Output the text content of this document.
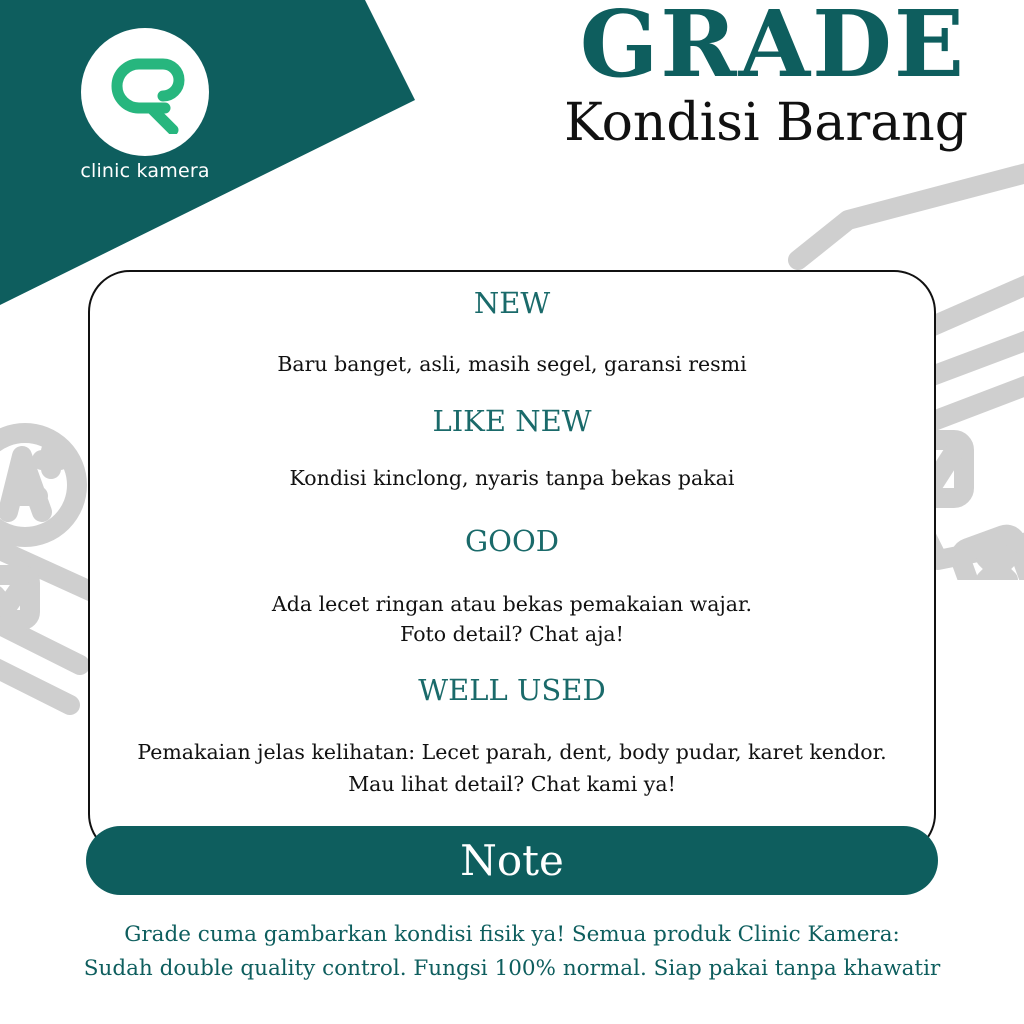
clinic kamera
GRADE
Kondisi Barang
NEW
Baru banget, asli, masih segel, garansi resmi
LIKE NEW
Kondisi kinclong, nyaris tanpa bekas pakai
GOOD
Ada lecet ringan atau bekas pemakaian wajar.
Foto detail? Chat aja!
WELL USED
Pemakaian jelas kelihatan: Lecet parah, dent, body pudar, karet kendor.
Mau lihat detail? Chat kami ya!
Note
Grade cuma gambarkan kondisi fisik ya! Semua produk Clinic Kamera:
Sudah double quality control. Fungsi 100% normal. Siap pakai tanpa khawatir
